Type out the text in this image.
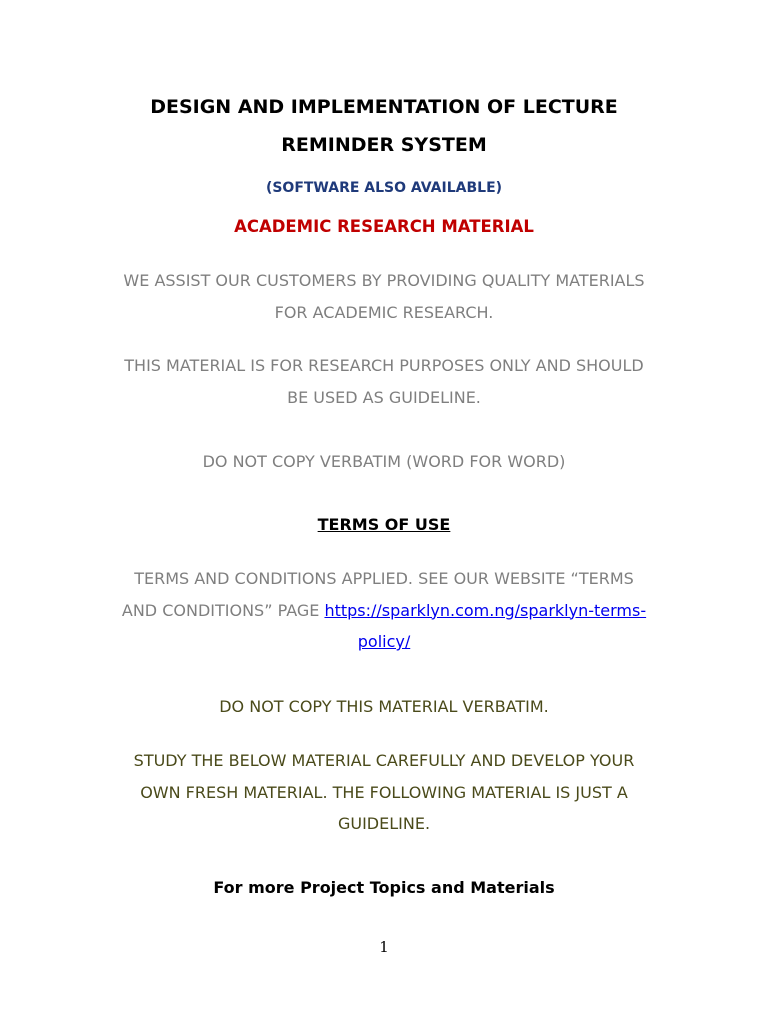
DESIGN AND IMPLEMENTATION OF LECTURE
REMINDER SYSTEM
(SOFTWARE ALSO AVAILABLE)
ACADEMIC RESEARCH MATERIAL
WE ASSIST OUR CUSTOMERS BY PROVIDING QUALITY MATERIALS
FOR ACADEMIC RESEARCH.
THIS MATERIAL IS FOR RESEARCH PURPOSES ONLY AND SHOULD
BE USED AS GUIDELINE.
DO NOT COPY VERBATIM (WORD FOR WORD)
TERMS OF USE
TERMS AND CONDITIONS APPLIED. SEE OUR WEBSITE “TERMS
AND CONDITIONS” PAGE https://sparklyn.com.ng/sparklyn-terms-
policy/
DO NOT COPY THIS MATERIAL VERBATIM.
STUDY THE BELOW MATERIAL CAREFULLY AND DEVELOP YOUR
OWN FRESH MATERIAL. THE FOLLOWING MATERIAL IS JUST A
GUIDELINE.
For more Project Topics and Materials
1
